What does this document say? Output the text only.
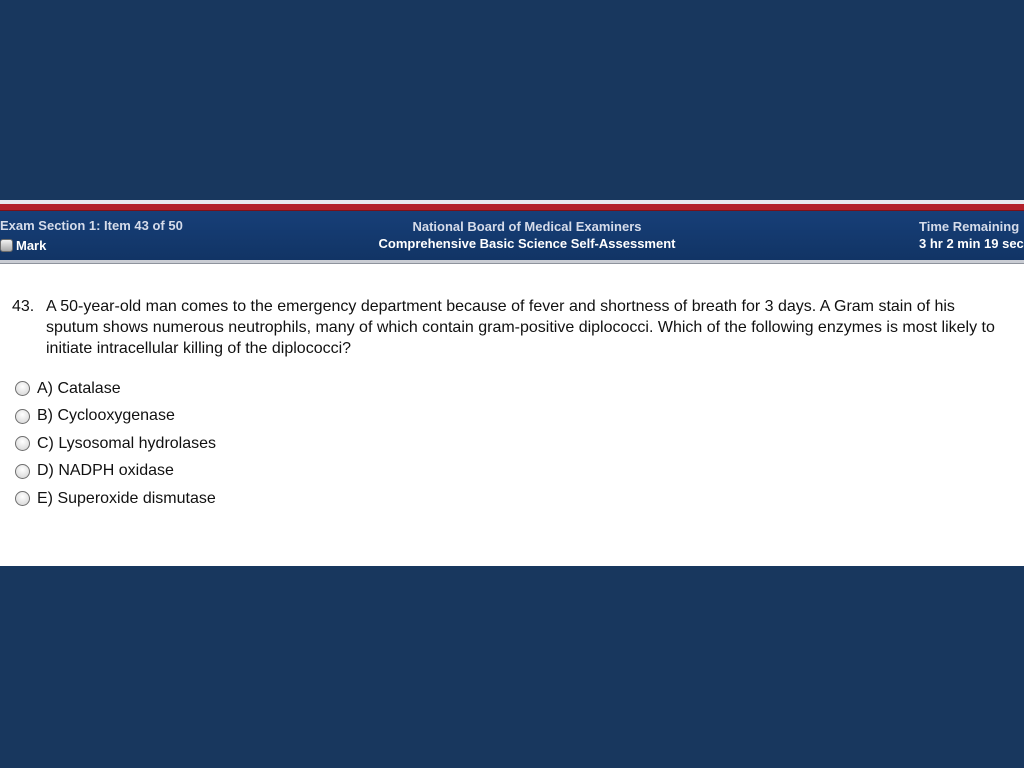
Exam Section 1: Item 43 of 50
Mark
National Board of Medical Examiners
Comprehensive Basic Science Self-Assessment
Time Remaining
3 hr 2 min 19 sec
43. A 50-year-old man comes to the emergency department because of fever and shortness of breath for 3 days. A Gram stain of his sputum shows numerous neutrophils, many of which contain gram-positive diplococci. Which of the following enzymes is most likely to initiate intracellular killing of the diplococci?
A) Catalase
B) Cyclooxygenase
C) Lysosomal hydrolases
D) NADPH oxidase
E) Superoxide dismutase
